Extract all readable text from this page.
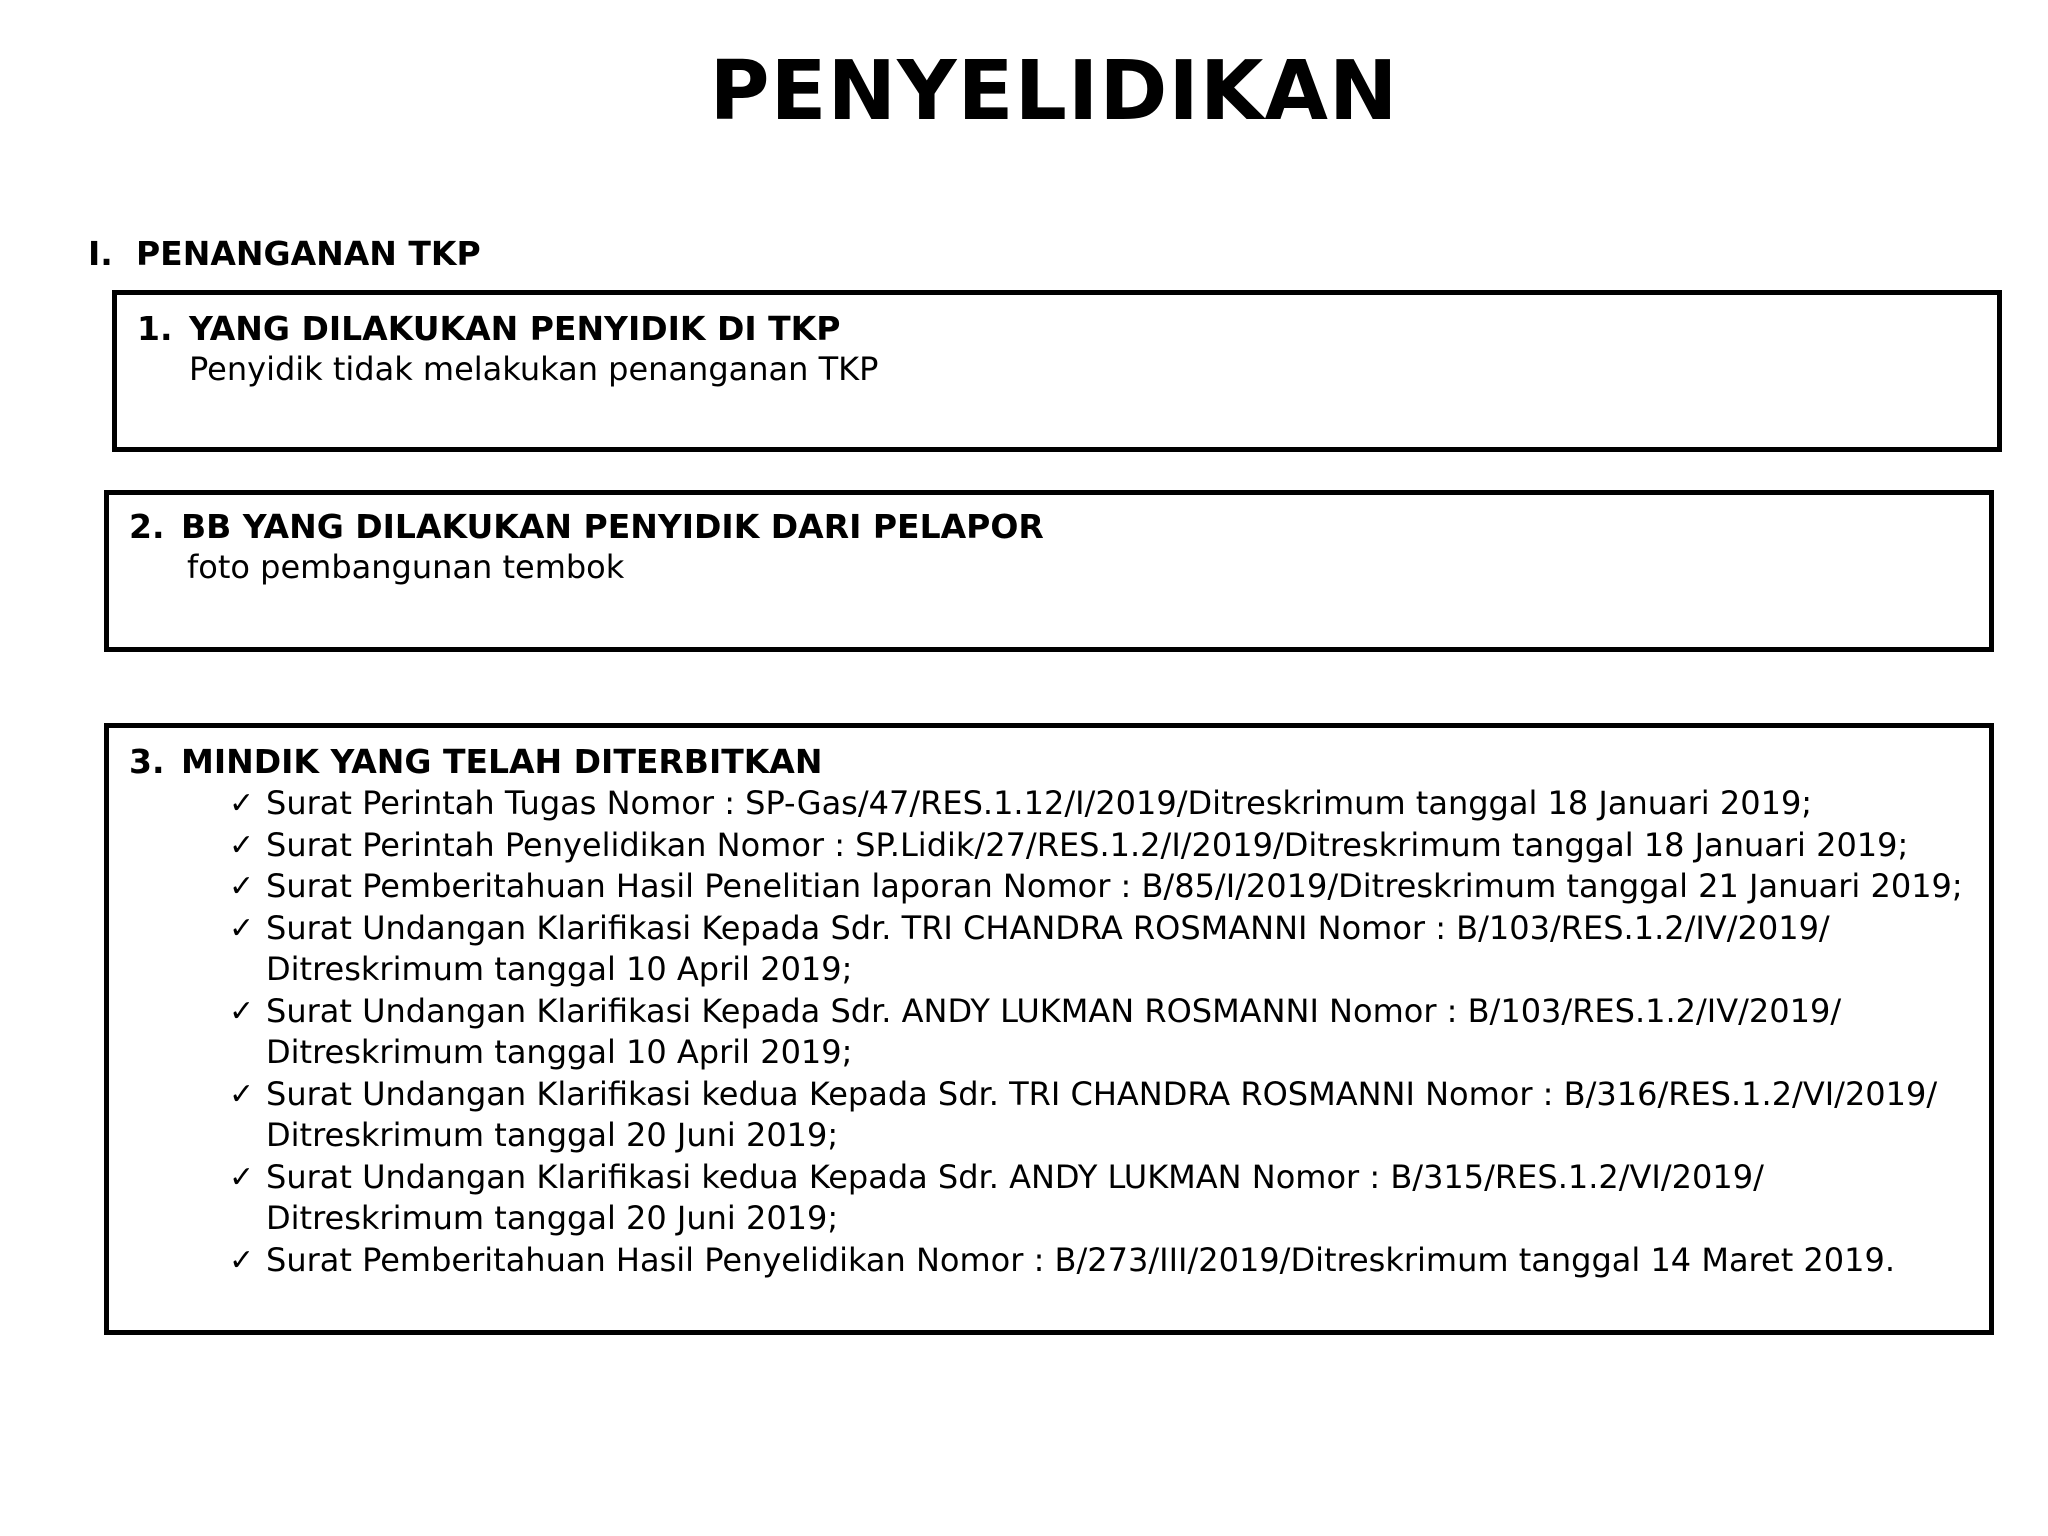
PENYELIDIKAN
I. PENANGANAN TKP
1. YANG DILAKUKAN PENYIDIK DI TKP
Penyidik tidak melakukan penanganan TKP
2. BB YANG DILAKUKAN PENYIDIK DARI PELAPOR
foto pembangunan tembok
3. MINDIK YANG TELAH DITERBITKAN
✓ Surat Perintah Tugas Nomor : SP-Gas/47/RES.1.12/I/2019/Ditreskrimum tanggal 18 Januari 2019;
✓ Surat Perintah Penyelidikan Nomor : SP.Lidik/27/RES.1.2/I/2019/Ditreskrimum tanggal 18 Januari 2019;
✓ Surat Pemberitahuan Hasil Penelitian laporan Nomor : B/85/I/2019/Ditreskrimum tanggal 21 Januari 2019;
✓ Surat Undangan Klarifikasi Kepada Sdr. TRI CHANDRA ROSMANNI Nomor : B/103/RES.1.2/IV/2019/ Ditreskrimum tanggal 10 April 2019;
✓ Surat Undangan Klarifikasi Kepada Sdr. ANDY LUKMAN ROSMANNI Nomor : B/103/RES.1.2/IV/2019/ Ditreskrimum tanggal 10 April 2019;
✓ Surat Undangan Klarifikasi kedua Kepada Sdr. TRI CHANDRA ROSMANNI Nomor : B/316/RES.1.2/VI/2019/ Ditreskrimum tanggal 20 Juni 2019;
✓ Surat Undangan Klarifikasi kedua Kepada Sdr. ANDY LUKMAN Nomor : B/315/RES.1.2/VI/2019/ Ditreskrimum tanggal 20 Juni 2019;
✓ Surat Pemberitahuan Hasil Penyelidikan Nomor : B/273/III/2019/Ditreskrimum tanggal 14 Maret 2019.
